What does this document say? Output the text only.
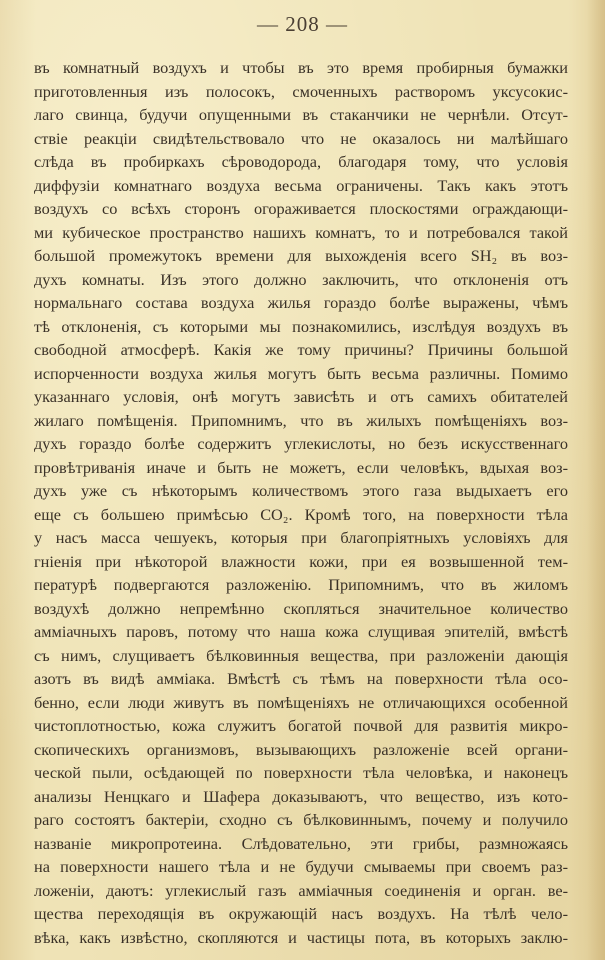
— 208 —
въ комнатный воздухъ и чтобы въ это время пробирныя бумажки
приготовленныя изъ полосокъ, смоченныхъ растворомъ уксусокис-
лаго свинца, будучи опущенными въ стаканчики не чернѣли. Отсут-
ствіе реакціи свидѣтельствовало что не оказалось ни малѣйшаго
слѣда въ пробиркахъ сѣроводорода, благодаря тому, что условія
диффузіи комнатнаго воздуха весьма ограничены. Такъ какъ этотъ
воздухъ со всѣхъ сторонъ огораживается плоскостями ограждающи-
ми кубическое пространство нашихъ комнатъ, то и потребовался такой
большой промежутокъ времени для выхожденія всего SH₂ въ воз-
духъ комнаты. Изъ этого должно заключить, что отклоненія отъ
нормальнаго состава воздуха жилья гораздо болѣе выражены, чѣмъ
тѣ отклоненія, съ которыми мы познакомились, изслѣдуя воздухъ въ
свободной атмосферѣ. Какія же тому причины? Причины большой
испорченности воздуха жилья могутъ быть весьма различны. Помимо
указаннаго условія, онѣ могутъ зависѣть и отъ самихъ обитателей
жилаго помѣщенія. Припомнимъ, что въ жилыхъ помѣщеніяхъ воз-
духъ гораздо болѣе содержитъ углекислоты, но безъ искусственнаго
провѣтриванія иначе и быть не можетъ, если человѣкъ, вдыхая воз-
духъ уже съ нѣкоторымъ количествомъ этого газа выдыхаетъ его
еще съ большею примѣсью CO₂. Кромѣ того, на поверхности тѣла
у насъ масса чешуекъ, которыя при благопріятныхъ условіяхъ для
гніенія при нѣкоторой влажности кожи, при ея возвышенной тем-
пературѣ подвергаются разложенію. Припомнимъ, что въ жиломъ
воздухѣ должно непремѣнно скопляться значительное количество
аммiачныхъ паровъ, потому что наша кожа слущивая эпителій, вмѣстѣ
съ нимъ, слущиваетъ бѣлковинныя вещества, при разложеніи дающія
азотъ въ видѣ аммiака. Вмѣстѣ съ тѣмъ на поверхности тѣла осо-
бенно, если люди живутъ въ помѣщеніяхъ не отличающихся особенной
чистоплотностью, кожа служитъ богатой почвой для развитія микро-
скопическихъ организмовъ, вызывающихъ разложеніе всей органи-
ческой пыли, осѣдающей по поверхности тѣла человѣка, и наконецъ
анализы Ненцкаго и Шафера доказываютъ, что вещество, изъ кото-
раго состоятъ бактеріи, сходно съ бѣлковиннымъ, почему и получило
названіе микропротеина. Слѣдовательно, эти грибы, размножаясь
на поверхности нашего тѣла и не будучи смываемы при своемъ раз-
ложеніи, даютъ: углекислый газъ аммiачныя соединенія и орган. ве-
щества переходящія въ окружающій насъ воздухъ. На тѣлѣ чело-
вѣка, какъ извѣстно, скопляются и частицы пота, въ которыхъ заклю-
